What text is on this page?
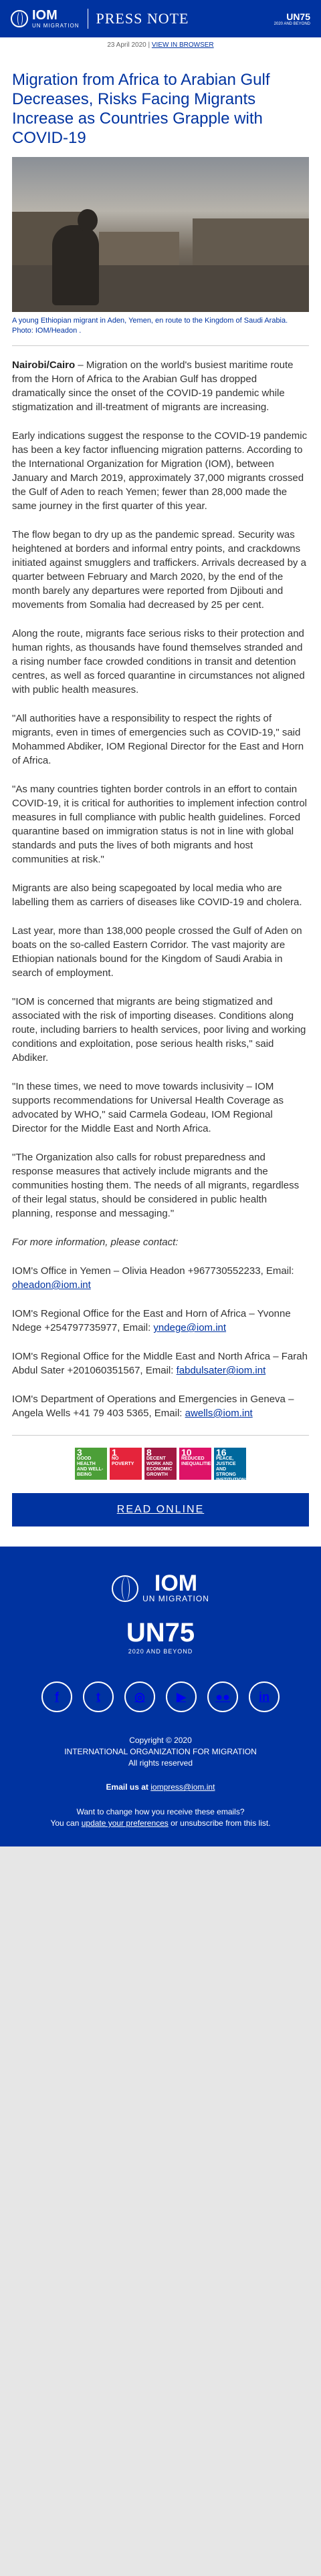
IOM
UN MIGRATION PRESS NOTE	UN75
2020 AND BEYOND
23 April 2020 | VIEW IN BROWSER
Migration from Africa to Arabian Gulf Decreases, Risks Facing Migrants Increase as Countries Grapple with COVID-19

A young Ethiopian migrant in Aden, Yemen, en route to the Kingdom of Saudi Arabia. Photo: IOM/Headon .

Nairobi/Cairo – Migration on the world's busiest maritime route from the Horn of Africa to the Arabian Gulf has dropped dramatically since the onset of the COVID-19 pandemic while stigmatization and ill-treatment of migrants are increasing.

Early indications suggest the response to the COVID-19 pandemic has been a key factor influencing migration patterns. According to the International Organization for Migration (IOM), between January and March 2019, approximately 37,000 migrants crossed the Gulf of Aden to reach Yemen; fewer than 28,000 made the same journey in the first quarter of this year.

The flow began to dry up as the pandemic spread. Security was heightened at borders and informal entry points, and crackdowns initiated against smugglers and traffickers. Arrivals decreased by a quarter between February and March 2020, by the end of the month barely any departures were reported from Djibouti and movements from Somalia had decreased by 25 per cent.

Along the route, migrants face serious risks to their protection and human rights, as thousands have found themselves stranded and a rising number face crowded conditions in transit and detention centres, as well as forced quarantine in circumstances not aligned with public health measures.

"All authorities have a responsibility to respect the rights of migrants, even in times of emergencies such as COVID-19," said Mohammed Abdiker, IOM Regional Director for the East and Horn of Africa.

"As many countries tighten border controls in an effort to contain COVID-19, it is critical for authorities to implement infection control measures in full compliance with public health guidelines. Forced quarantine based on immigration status is not in line with global standards and puts the lives of both migrants and host communities at risk."

Migrants are also being scapegoated by local media who are labelling them as carriers of diseases like COVID-19 and cholera.

Last year, more than 138,000 people crossed the Gulf of Aden on boats on the so-called Eastern Corridor. The vast majority are Ethiopian nationals bound for the Kingdom of Saudi Arabia in search of employment.

"IOM is concerned that migrants are being stigmatized and associated with the risk of importing diseases. Conditions along route, including barriers to health services, poor living and working conditions and exploitation, pose serious health risks," said Abdiker.

"In these times, we need to move towards inclusivity – IOM supports recommendations for Universal Health Coverage as advocated by WHO," said Carmela Godeau, IOM Regional Director for the Middle East and North Africa.

"The Organization also calls for robust preparedness and response measures that actively include migrants and the communities hosting them. The needs of all migrants, regardless of their legal status, should be considered in public health planning, response and messaging."

For more information, please contact:

IOM's Office in Yemen – Olivia Headon +967730552233, Email: oheadon@iom.int

IOM's Regional Office for the East and Horn of Africa – Yvonne Ndege +254797735977, Email: yndege@iom.int

IOM's Regional Office for the Middle East and North Africa – Farah Abdul Sater +201060351567, Email: fabdulsater@iom.int

IOM's Department of Operations and Emergencies in Geneva – Angela Wells +41 79 403 5365, Email: awells@iom.int

3
GOOD HEALTH AND WELL-BEING
1
NO POVERTY
8
DECENT WORK AND ECONOMIC GROWTH
10
REDUCED INEQUALITIES
16
PEACE, JUSTICE AND STRONG INSTITUTIONS
READ ONLINE
IOM
UN MIGRATION
UN75
2020 AND BEYOND
f	t	◎	▶	●●	in

Copyright © 2020

INTERNATIONAL ORGANIZATION FOR MIGRATION

All rights reserved

Email us at iompress@iom.int

Want to change how you receive these emails?
You can update your preferences or unsubscribe from this list.
